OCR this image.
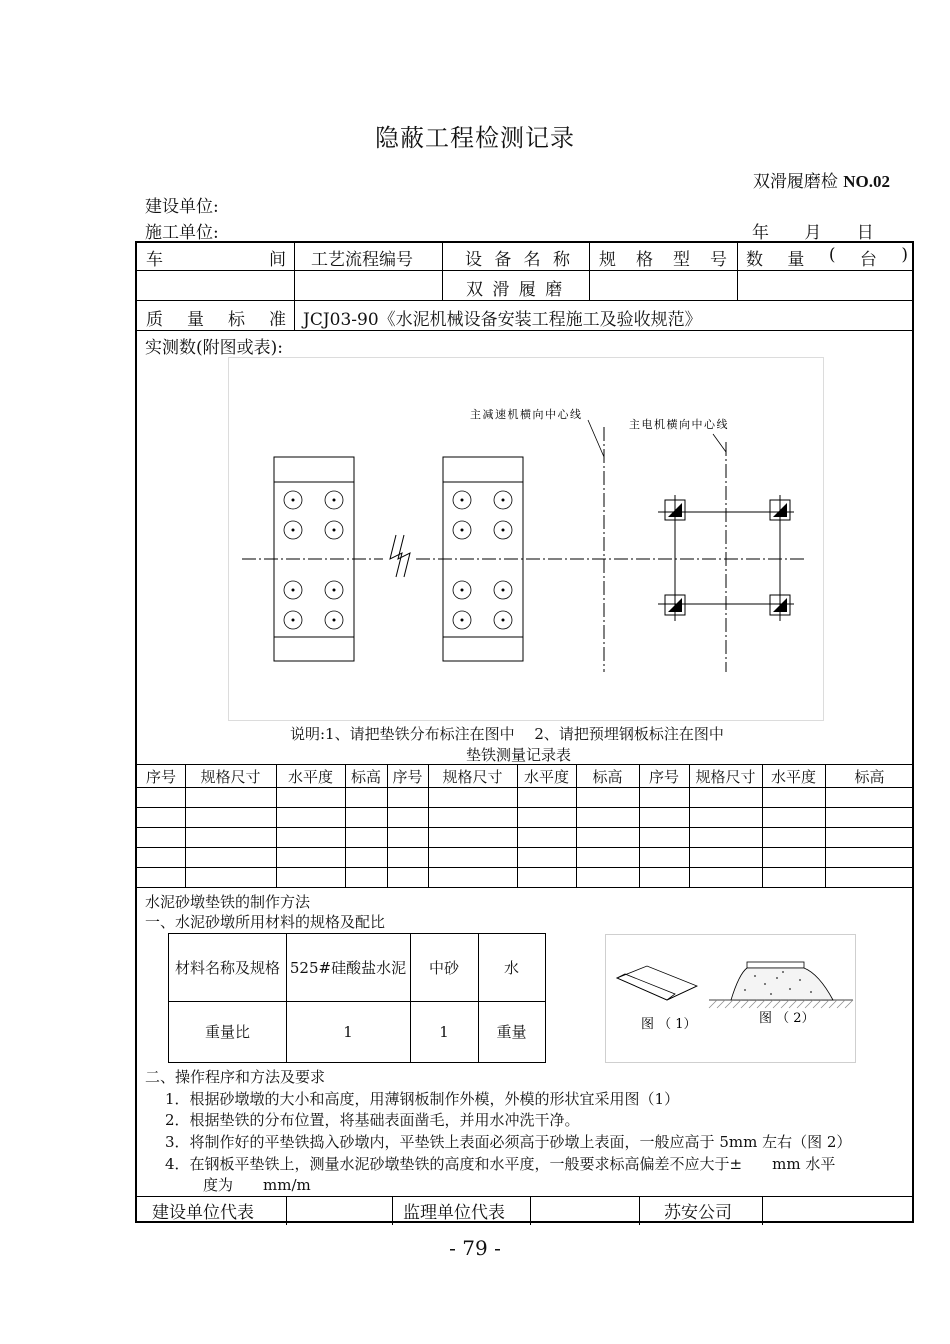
隐蔽工程检测记录
双滑履磨检 NO.02
建设单位:
施工单位:	年 月 日
车	间 工艺流程编号	设 备 名 称 规 格 型 号 数 量 ( 台 )
双 滑 履 磨
质 量 标 准 JCJ03-90《水泥机械设备安装工程施工及验收规范》
实测数(附图或表):
主减速机横向中心线
主电机横向中心线
说明:1、请把垫铁分布标注在图中　 2、请把预埋钢板标注在图中
垫铁测量记录表
序号	规格尺寸	水平度	标高 序号	规格尺寸	水平度	标高	序号	规格尺寸	水平度	标高
水泥砂墩垫铁的制作方法
一、水泥砂墩所用材料的规格及配比
材料名称及规格 525#硅酸盐水泥	中砂	水
重量比	1	1	重量	图 （ 1）	图 （ 2）
二、操作程序和方法及要求
1．根据砂墩墩的大小和高度，用薄钢板制作外模，外模的形状宜采用图（1）
2．根据垫铁的分布位置，将基础表面凿毛，并用水冲洗干净。
3．将制作好的平垫铁捣入砂墩内，平垫铁上表面必须高于砂墩上表面，一般应高于 5mm 左右（图 2）
4．在钢板平垫铁上，测量水泥砂墩垫铁的高度和水平度，一般要求标高偏差不应大于±　　mm 水平
度为　　mm/m
建设单位代表	监理单位代表	苏安公司
- 79 -
